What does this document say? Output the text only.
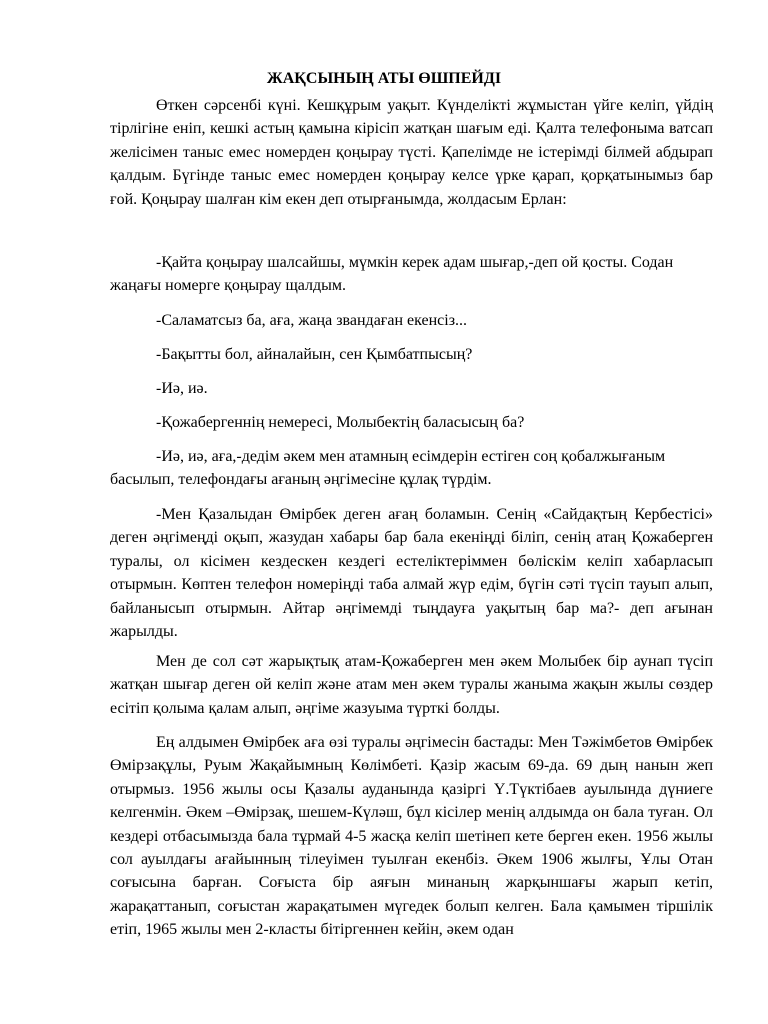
ЖАҚСЫНЫҢ АТЫ ӨШПЕЙДІ

Өткен сәрсенбі күні. Кешқұрым уақыт. Күнделікті жұмыстан үйге келіп, үйдің тірлігіне еніп, кешкі астың қамына кірісіп жатқан шағым еді. Қалта телефоныма ватсап желісімен таныс емес номерден қоңырау түсті. Қапелімде не істерімді білмей абдырап қалдым. Бүгінде таныс емес номерден қоңырау келсе үрке қарап, қорқатынымыз бар ғой. Қоңырау шалған кім екен деп отырғанымда, жолдасым Ерлан:

-Қайта қоңырау шалсайшы, мүмкін керек адам шығар,-деп ой қосты. Содан жаңағы номерге қоңырау щалдым.

-Саламатсыз ба, аға, жаңа звандаған екенсіз...

-Бақытты бол, айналайын, сен Қымбатпысың?

-Иә, иә.

-Қожабергеннің немересі, Молыбектің баласысың ба?

-Иә, иә, аға,-дедім әкем мен атамның есімдерін естіген соң қобалжығаным басылып, телефондағы ағаның әңгімесіне құлақ түрдім.

-Мен Қазалыдан Өмірбек деген ағаң боламын. Сенің «Сайдақтың Кербестісі» деген әңгімеңді оқып, жазудан хабары бар бала екеніңді біліп, сенің атаң Қожаберген туралы, ол кісімен кездескен кездегі естеліктеріммен бөліскім келіп хабарласып отырмын. Көптен телефон номеріңді таба алмай жүр едім, бүгін сәті түсіп тауып алып, байланысып отырмын. Айтар әңгімемді тыңдауға уақытың бар ма?- деп ағынан жарылды.

Мен де сол сәт жарықтық атам-Қожаберген мен әкем Молыбек бір аунап түсіп жатқан шығар деген ой келіп және атам мен әкем туралы жаныма жақын жылы сөздер есітіп қолыма қалам алып, әңгіме жазуыма түрткі болды.

Ең алдымен Өмірбек аға өзі туралы әңгімесін бастады: Мен Тәжімбетов Өмірбек Өмірзақұлы, Руым Жақайымның Көлімбеті. Қазір жасым 69-да. 69 дың нанын жеп отырмыз. 1956 жылы осы Қазалы ауданында қазіргі Ү.Түктібаев ауылында дүниеге келгенмін. Әкем –Өмірзақ, шешем-Күләш, бұл кісілер менің алдымда он бала туған. Ол кездері отбасымызда бала тұрмай 4-5 жасқа келіп шетінеп кете берген екен. 1956 жылы сол ауылдағы ағайынның тілеуімен туылған екенбіз. Әкем 1906 жылғы, Ұлы Отан соғысына барған. Соғыста бір аяғын минаның жарқыншағы жарып кетіп, жарақаттанып, соғыстан жарақатымен мүгедек болып келген. Бала қамымен тіршілік етіп, 1965 жылы мен 2-класты бітіргеннен кейін, әкем одан
